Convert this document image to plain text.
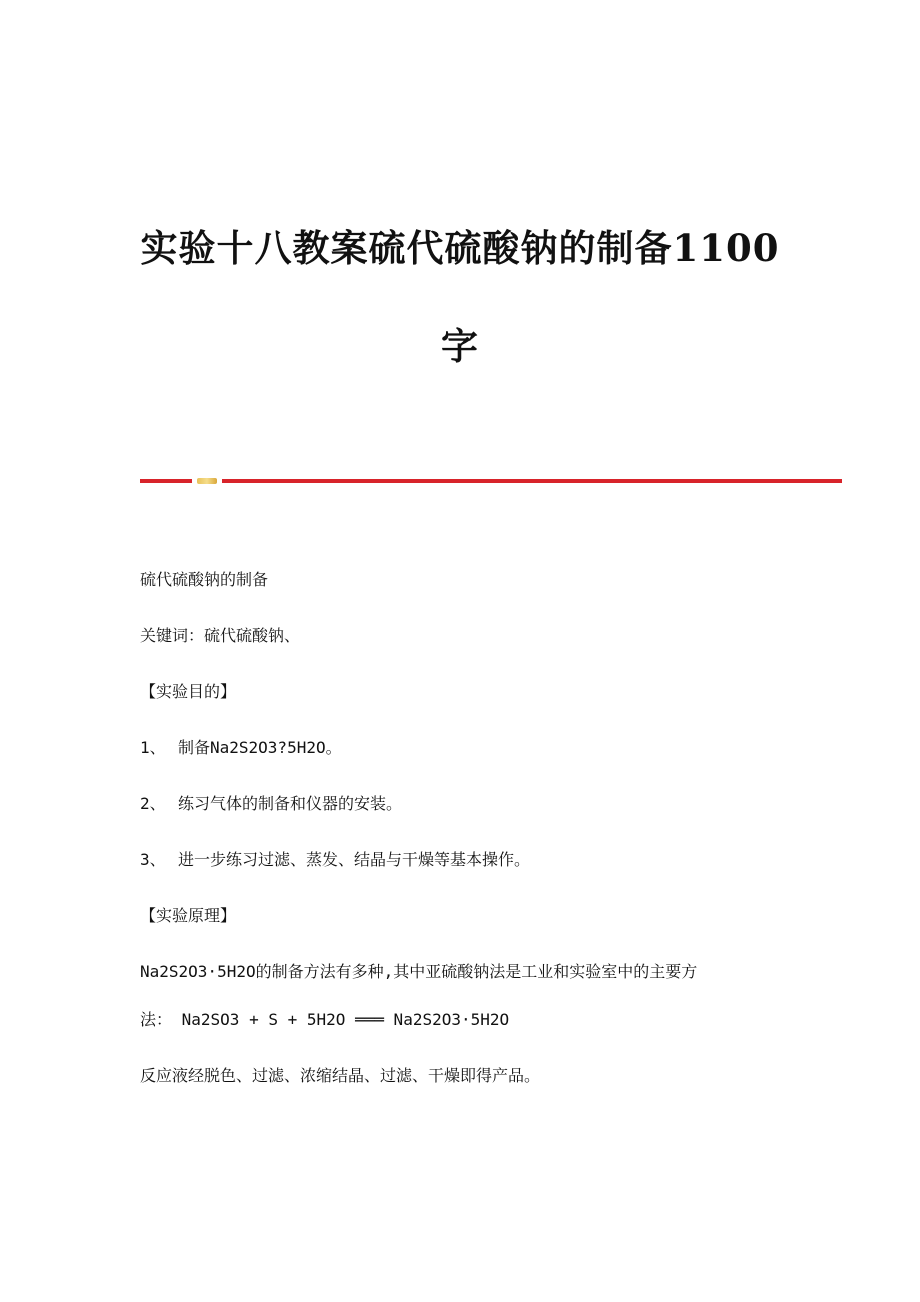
实验十八教案硫代硫酸钠的制备1100
字
硫代硫酸钠的制备
关键词：硫代硫酸钠、
【实验目的】
1、 制备Na2S2O3?5H2O。
2、 练习气体的制备和仪器的安装。
3、 进一步练习过滤、蒸发、结晶与干燥等基本操作。
【实验原理】
Na2S2O3·5H2O的制备方法有多种,其中亚硫酸钠法是工业和实验室中的主要方
法： Na2SO3 + S + 5H2O ═══ Na2S2O3·5H2O
反应液经脱色、过滤、浓缩结晶、过滤、干燥即得产品。
